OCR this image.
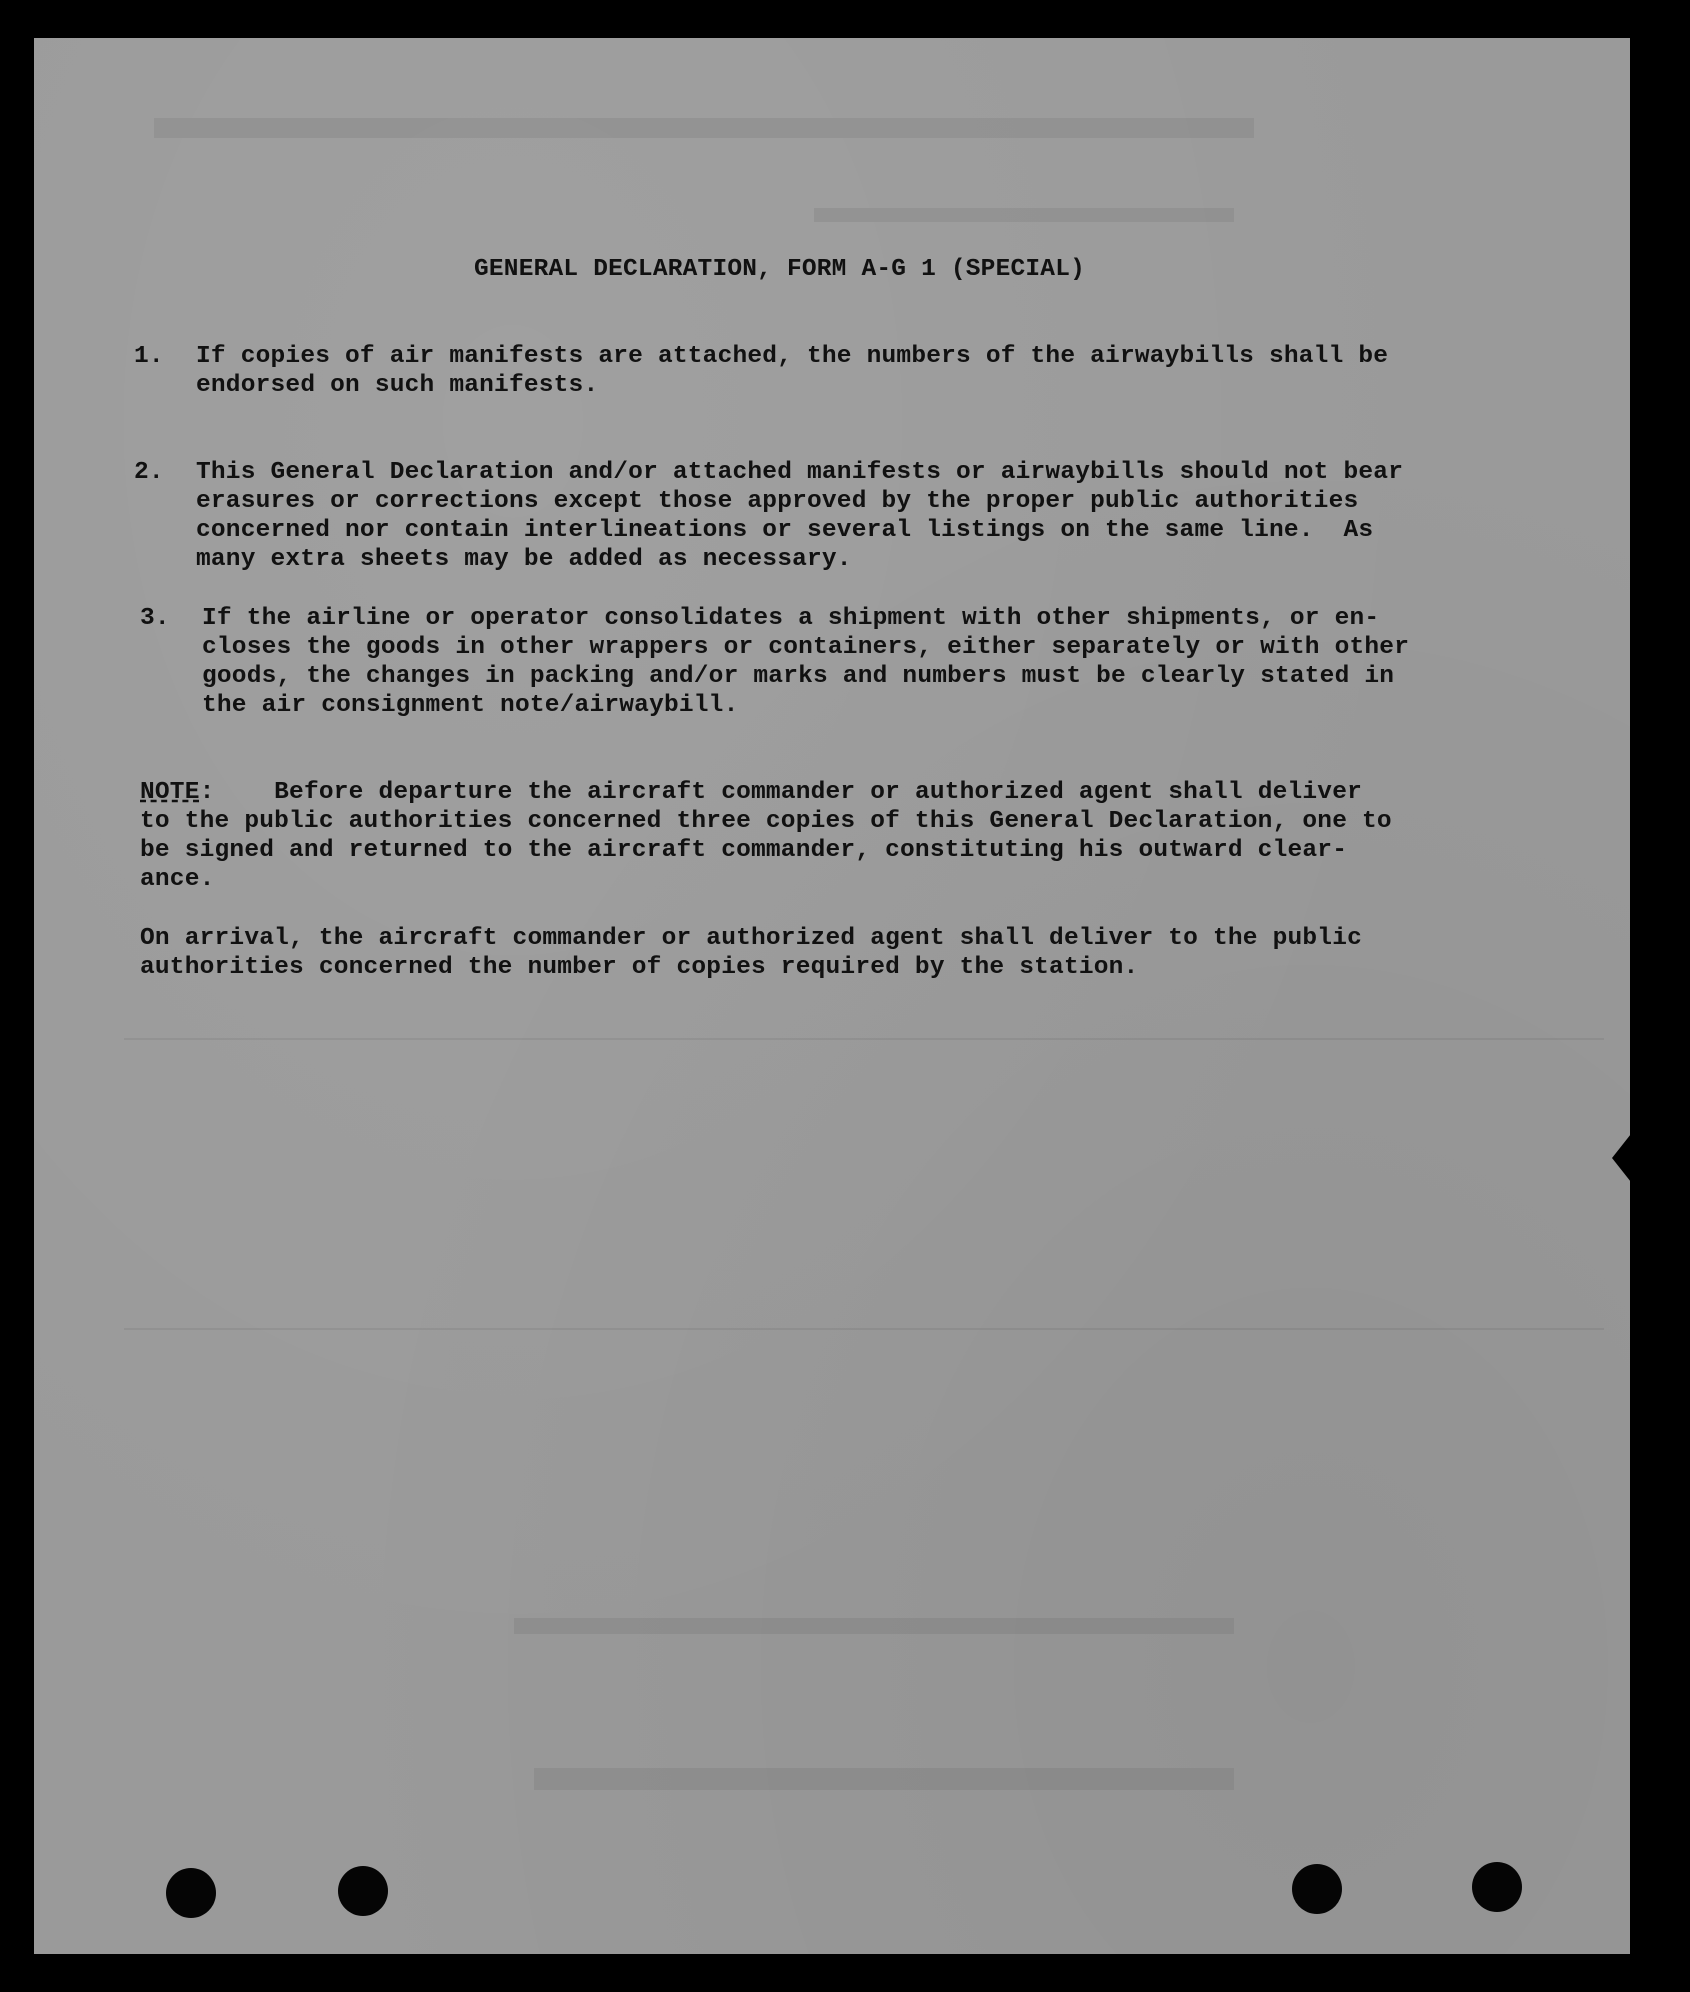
GENERAL DECLARATION, FORM A-G 1 (SPECIAL)

1. If copies of air manifests are attached, the numbers of the airwaybills shall be
endorsed on such manifests.
2. This General Declaration and/or attached manifests or airwaybills should not bear
erasures or corrections except those approved by the proper public authorities
concerned nor contain interlineations or several listings on the same line.  As
many extra sheets may be added as necessary.
3. If the airline or operator consolidates a shipment with other shipments, or en-
closes the goods in other wrappers or containers, either separately or with other
goods, the changes in packing and/or marks and numbers must be clearly stated in
the air consignment note/airwaybill.
NOTE:    Before departure the aircraft commander or authorized agent shall deliver
to the public authorities concerned three copies of this General Declaration, one to
be signed and returned to the aircraft commander, constituting his outward clear-
ance.
On arrival, the aircraft commander or authorized agent shall deliver to the public
authorities concerned the number of copies required by the station.
